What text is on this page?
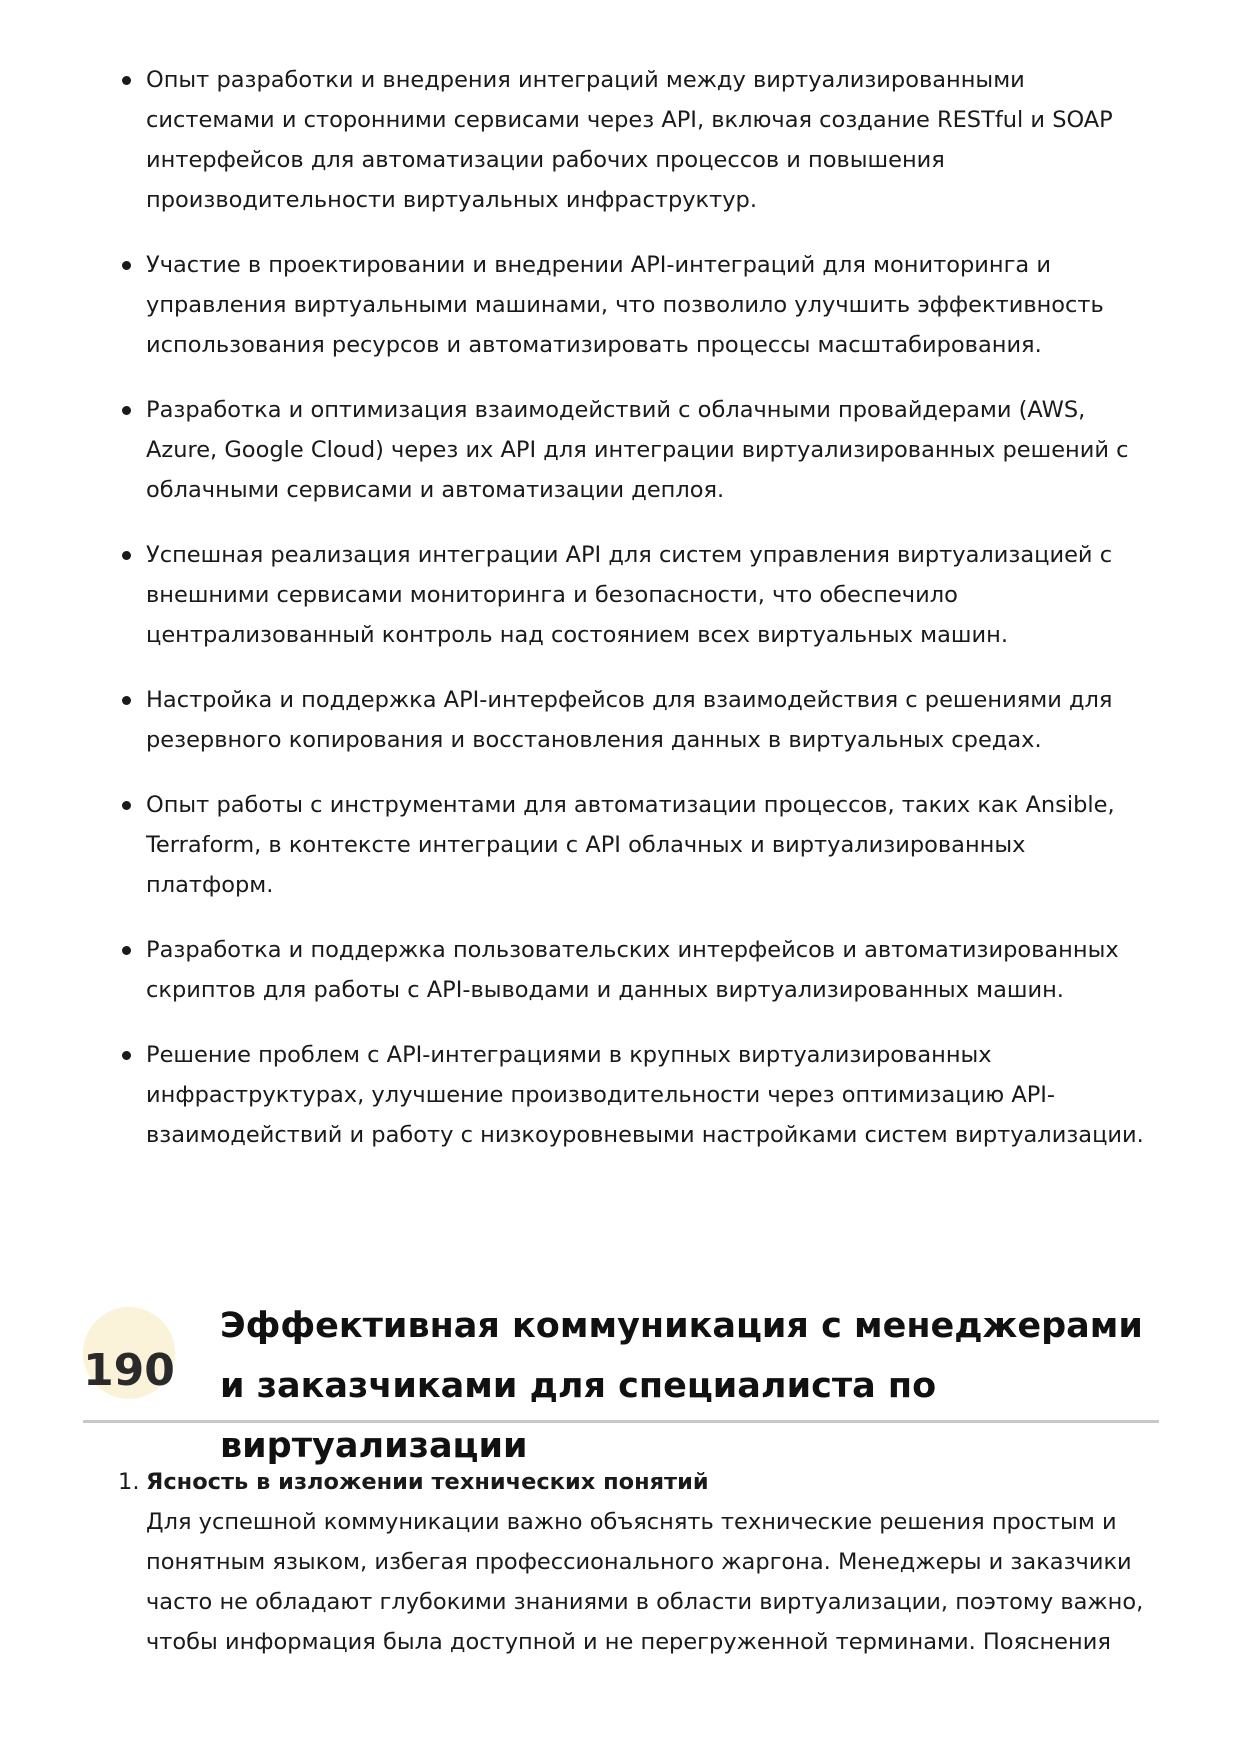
Опыт разработки и внедрения интеграций между виртуализированными системами и сторонними сервисами через API, включая создание RESTful и SOAP интерфейсов для автоматизации рабочих процессов и повышения производительности виртуальных инфраструктур.
Участие в проектировании и внедрении API-интеграций для мониторинга и управления виртуальными машинами, что позволило улучшить эффективность использования ресурсов и автоматизировать процессы масштабирования.
Разработка и оптимизация взаимодействий с облачными провайдерами (AWS, Azure, Google Cloud) через их API для интеграции виртуализированных решений с облачными сервисами и автоматизации деплоя.
Успешная реализация интеграции API для систем управления виртуализацией с внешними сервисами мониторинга и безопасности, что обеспечило централизованный контроль над состоянием всех виртуальных машин.
Настройка и поддержка API-интерфейсов для взаимодействия с решениями для резервного копирования и восстановления данных в виртуальных средах.
Опыт работы с инструментами для автоматизации процессов, таких как Ansible, Terraform, в контексте интеграции с API облачных и виртуализированных платформ.
Разработка и поддержка пользовательских интерфейсов и автоматизированных скриптов для работы с API-выводами и данных виртуализированных машин.
Решение проблем с API-интеграциями в крупных виртуализированных инфраструктурах, улучшение производительности через оптимизацию API-взаимодействий и работу с низкоуровневыми настройками систем виртуализации.
190
Эффективная коммуникация с менеджерами и заказчиками для специалиста по виртуализации
1. Ясность в изложении технических понятий
Для успешной коммуникации важно объяснять технические решения простым и понятным языком, избегая профессионального жаргона. Менеджеры и заказчики часто не обладают глубокими знаниями в области виртуализации, поэтому важно, чтобы информация была доступной и не перегруженной терминами. Пояснения
